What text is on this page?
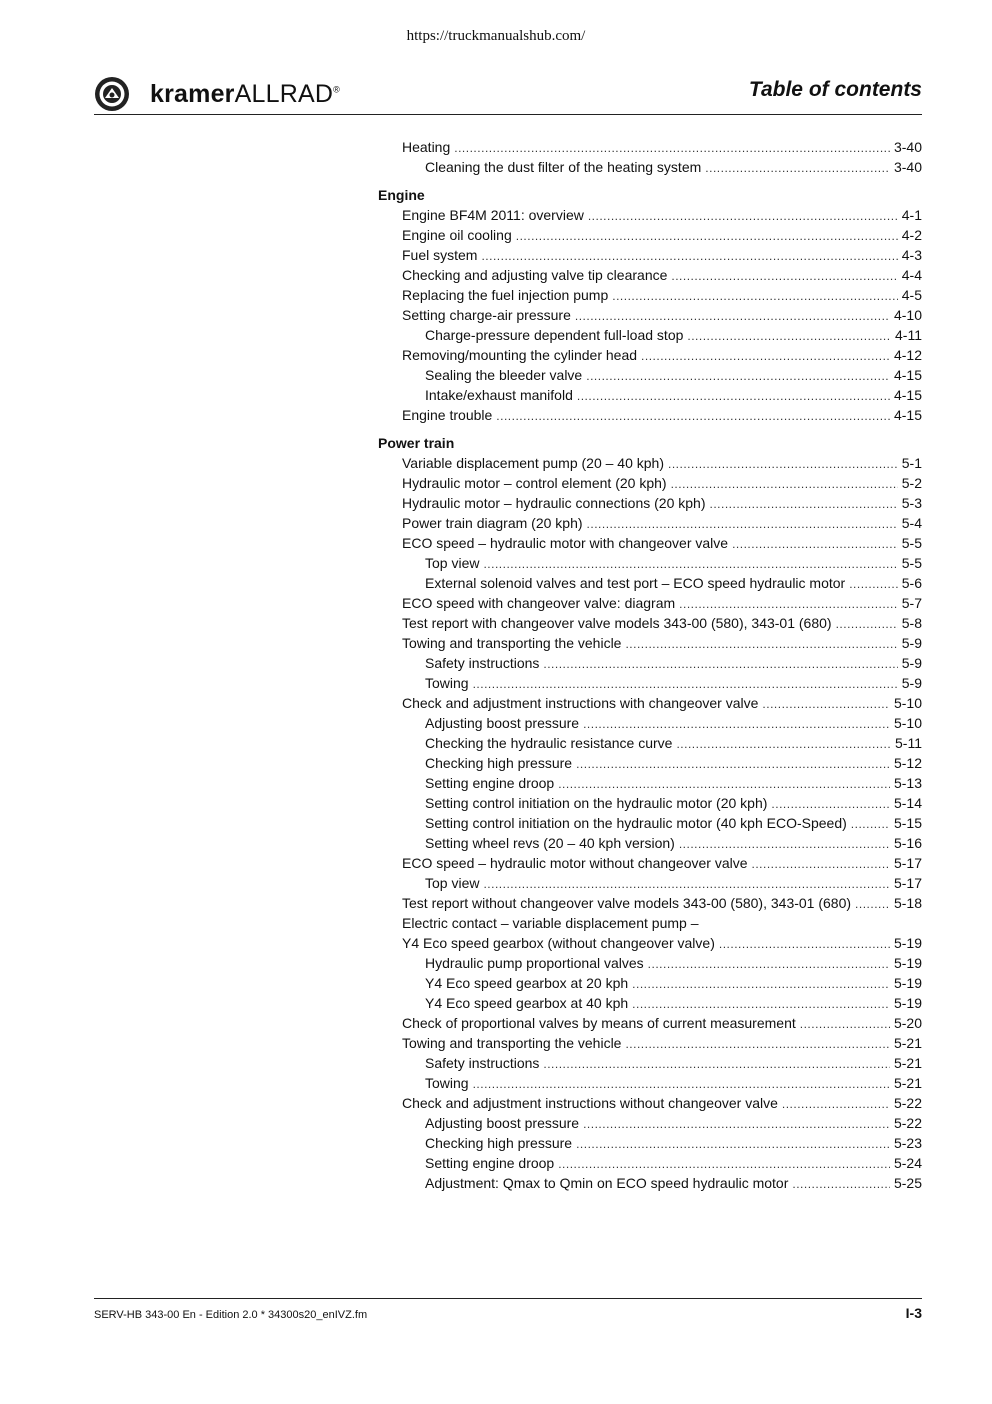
https://truckmanualshub.com/
kramerALLRAD®	Table of contents
Heating .....	3-40
Cleaning the dust filter of the heating system .....	3-40
Engine
Engine BF4M 2011: overview .....	4-1
Engine oil cooling .....	4-2
Fuel system .....	4-3
Checking and adjusting valve tip clearance .....	4-4
Replacing the fuel injection pump .....	4-5
Setting charge-air pressure .....	4-10
Charge-pressure dependent full-load stop .....	4-11
Removing/mounting the cylinder head .....	4-12
Sealing the bleeder valve .....	4-15
Intake/exhaust manifold .....	4-15
Engine trouble .....	4-15
Power train
Variable displacement pump (20 – 40 kph) .....	5-1
Hydraulic motor – control element (20 kph) .....	5-2
Hydraulic motor – hydraulic connections (20 kph) .....	5-3
Power train diagram (20 kph) .....	5-4
ECO speed – hydraulic motor with changeover valve .....	5-5
Top view .....	5-5
External solenoid valves and test port – ECO speed hydraulic motor .....	5-6
ECO speed with changeover valve: diagram .....	5-7
Test report with changeover valve models 343-00 (580), 343-01 (680) .....	5-8
Towing and transporting the vehicle .....	5-9
Safety instructions .....	5-9
Towing .....	5-9
Check and adjustment instructions with changeover valve .....	5-10
Adjusting boost pressure .....	5-10
Checking the hydraulic resistance curve .....	5-11
Checking high pressure .....	5-12
Setting engine droop .....	5-13
Setting control initiation on the hydraulic motor (20 kph) .....	5-14
Setting control initiation on the hydraulic motor (40 kph ECO-Speed) .....	5-15
Setting wheel revs (20 – 40 kph version) .....	5-16
ECO speed – hydraulic motor without changeover valve .....	5-17
Top view .....	5-17
Test report without changeover valve models 343-00 (580), 343-01 (680) .....	5-18
Electric contact – variable displacement pump –
Y4 Eco speed gearbox (without changeover valve) .....	5-19
Hydraulic pump proportional valves .....	5-19
Y4 Eco speed gearbox at 20 kph .....	5-19
Y4 Eco speed gearbox at 40 kph .....	5-19
Check of proportional valves by means of current measurement .....	5-20
Towing and transporting the vehicle .....	5-21
Safety instructions .....	5-21
Towing .....	5-21
Check and adjustment instructions without changeover valve .....	5-22
Adjusting boost pressure .....	5-22
Checking high pressure .....	5-23
Setting engine droop .....	5-24
Adjustment: Qmax to Qmin on ECO speed hydraulic motor .....	5-25
SERV-HB 343-00 En - Edition 2.0 * 34300s20_enIVZ.fm	I-3
